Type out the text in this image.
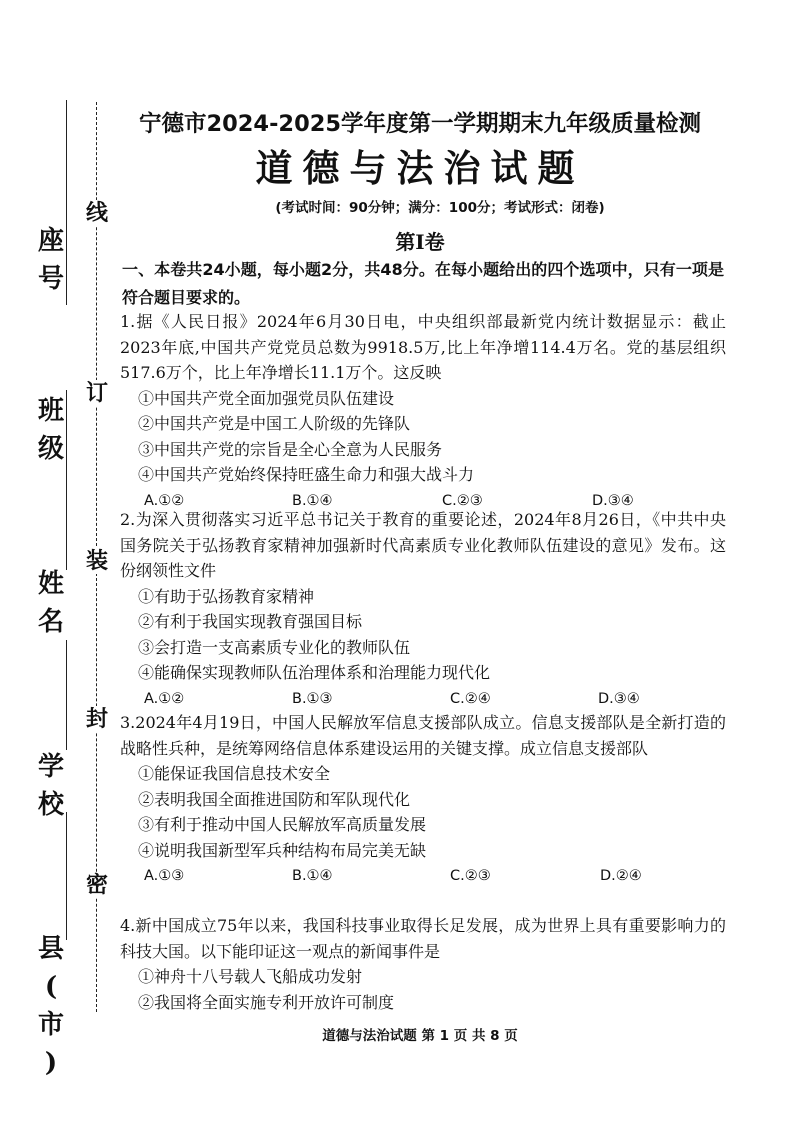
座
号
班
级
姓
名
学
校
县
(
市
)
线
订
装
封
密
宁德市2024-2025学年度第一学期期末九年级质量检测
道德与法治试题
(考试时间：90分钟；满分：100分；考试形式：闭卷)
第Ⅰ卷
一、本卷共24小题，每小题2分，共48分。在每小题给出的四个选项中，只有一项是符合题目要求的。

1.据《人民日报》2024年6月30日电，中央组织部最新党内统计数据显示：截止2023年底,中国共产党党员总数为9918.5万,比上年净增114.4万名。党的基层组织517.6万个，比上年净增长11.1万个。这反映

①中国共产党全面加强党员队伍建设
②中国共产党是中国工人阶级的先锋队
③中国共产党的宗旨是全心全意为人民服务
④中国共产党始终保持旺盛生命力和强大战斗力
A.①②	B.①④	C.②③	D.③④

2.为深入贯彻落实习近平总书记关于教育的重要论述，2024年8月26日，《中共中央 国务院关于弘扬教育家精神加强新时代高素质专业化教师队伍建设的意见》发布。这份纲领性文件

①有助于弘扬教育家精神
②有利于我国实现教育强国目标
③会打造一支高素质专业化的教师队伍
④能确保实现教师队伍治理体系和治理能力现代化
A.①②	B.①③	C.②④	D.③④

3.2024年4月19日，中国人民解放军信息支援部队成立。信息支援部队是全新打造的战略性兵种，是统筹网络信息体系建设运用的关键支撑。成立信息支援部队

①能保证我国信息技术安全
②表明我国全面推进国防和军队现代化
③有利于推动中国人民解放军高质量发展
④说明我国新型军兵种结构布局完美无缺
A.①③	B.①④	C.②③	D.②④

4.新中国成立75年以来，我国科技事业取得长足发展，成为世界上具有重要影响力的科技大国。以下能印证这一观点的新闻事件是

①神舟十八号载人飞船成功发射
②我国将全面实施专利开放许可制度
道德与法治试题 第 1 页 共 8 页
